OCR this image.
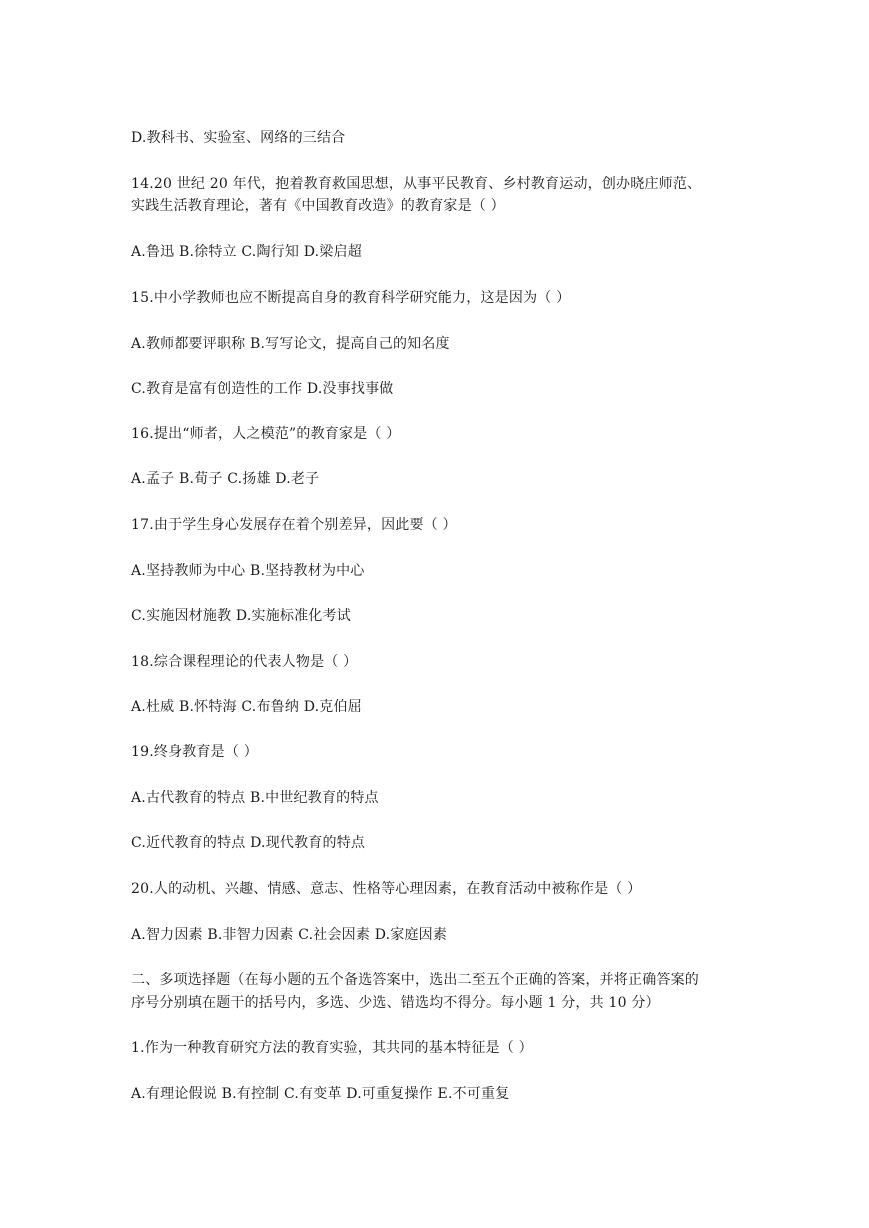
D.教科书、实验室、网络的三结合
14.20 世纪 20 年代，抱着教育救国思想，从事平民教育、乡村教育运动，创办晓庄师范、
实践生活教育理论，著有《中国教育改造》的教育家是（ ）
A.鲁迅 B.徐特立 C.陶行知 D.梁启超
15.中小学教师也应不断提高自身的教育科学研究能力，这是因为（ ）
A.教师都要评职称 B.写写论文，提高自己的知名度
C.教育是富有创造性的工作 D.没事找事做
16.提出“师者，人之模范”的教育家是（ ）
A.孟子 B.荀子 C.扬雄 D.老子
17.由于学生身心发展存在着个别差异，因此要（ ）
A.坚持教师为中心 B.坚持教材为中心
C.实施因材施教 D.实施标准化考试
18.综合课程理论的代表人物是（ ）
A.杜威 B.怀特海 C.布鲁纳 D.克伯屈
19.终身教育是（ ）
A.古代教育的特点 B.中世纪教育的特点
C.近代教育的特点 D.现代教育的特点
20.人的动机、兴趣、情感、意志、性格等心理因素，在教育活动中被称作是（ ）
A.智力因素 B.非智力因素 C.社会因素 D.家庭因素
二、多项选择题（在每小题的五个备选答案中，选出二至五个正确的答案，并将正确答案的
序号分别填在题干的括号内，多选、少选、错选均不得分。每小题 1 分，共 10 分）
1.作为一种教育研究方法的教育实验，其共同的基本特征是（ ）
A.有理论假说 B.有控制 C.有变革 D.可重复操作 E.不可重复
